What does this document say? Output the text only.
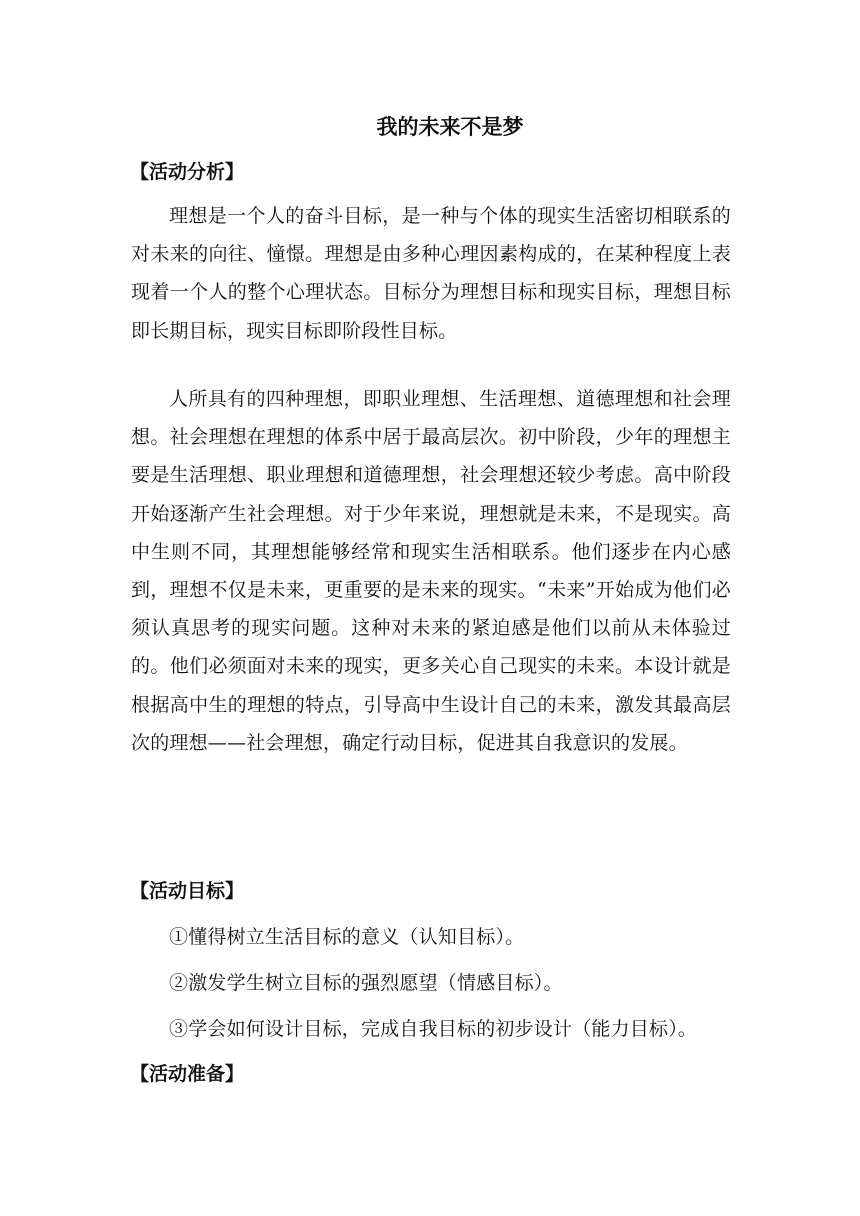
我的未来不是梦
【活动分析】

理想是一个人的奋斗目标，是一种与个体的现实生活密切相联系的对未来的向往、憧憬。理想是由多种心理因素构成的，在某种程度上表现着一个人的整个心理状态。目标分为理想目标和现实目标，理想目标即长期目标，现实目标即阶段性目标。

人所具有的四种理想，即职业理想、生活理想、道德理想和社会理想。社会理想在理想的体系中居于最高层次。初中阶段，少年的理想主要是生活理想、职业理想和道德理想，社会理想还较少考虑。高中阶段开始逐渐产生社会理想。对于少年来说，理想就是未来，不是现实。高中生则不同，其理想能够经常和现实生活相联系。他们逐步在内心感到，理想不仅是未来，更重要的是未来的现实。“未来”开始成为他们必须认真思考的现实问题。这种对未来的紧迫感是他们以前从未体验过的。他们必须面对未来的现实，更多关心自己现实的未来。本设计就是根据高中生的理想的特点，引导高中生设计自己的未来，激发其最高层次的理想——社会理想，确定行动目标，促进其自我意识的发展。

【活动目标】

①懂得树立生活目标的意义（认知目标）。

②激发学生树立目标的强烈愿望（情感目标）。

③学会如何设计目标，完成自我目标的初步设计（能力目标）。

【活动准备】
